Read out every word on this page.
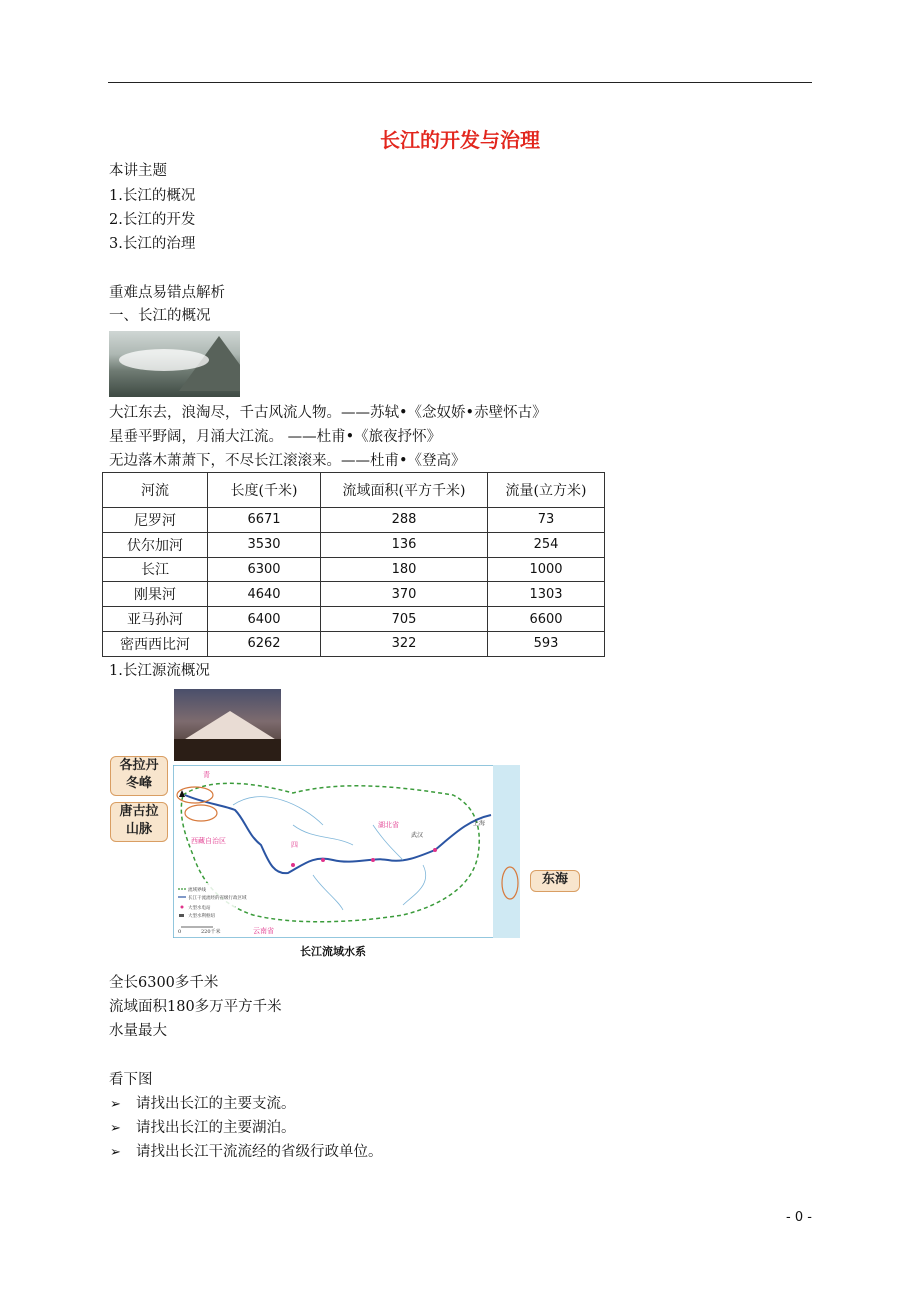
长江的开发与治理
本讲主题
1.长江的概况
2.长江的开发
3.长江的治理
重难点易错点解析
一、长江的概况
大江东去，浪淘尽，千古风流人物。——苏轼•《念奴娇•赤壁怀古》
星垂平野阔，月涌大江流。 ——杜甫•《旅夜抒怀》
无边落木萧萧下，不尽长江滚滚来。——杜甫•《登高》
河流	长度(千米)	流域面积(平方千米)	流量(立方米)
尼罗河	6671	288	73
伏尔加河	3530	136	254
长江	6300	180	1000
刚果河	4640	370	1303
亚马孙河	6400	705	6600
密西西比河	6262	322	593
1.长江源流概况
各拉丹
冬峰
唐古拉
山脉
东海
青
西藏自治区	四
湖北省
武汉
上海
云南省
流域界线
长江干流流经的省级行政区域
大型水电站
大型水利枢纽
0	220千米
长江流域水系
全长6300多千米
流域面积180多万平方千米
水量最大
看下图
➢ 请找出长江的主要支流。
➢ 请找出长江的主要湖泊。
➢ 请找出长江干流流经的省级行政单位。
- 0 -
